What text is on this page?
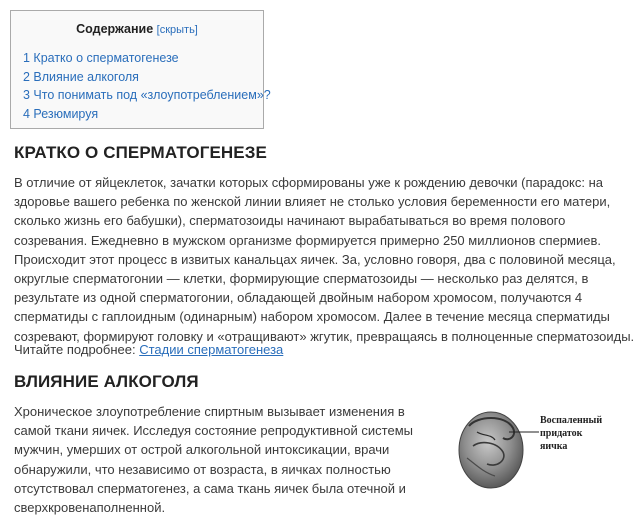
Содержание [скрыть]
1 Кратко о сперматогенезе
2 Влияние алкоголя
3 Что понимать под «злоупотреблением»?
4 Резюмируя
КРАТКО О СПЕРМАТОГЕНЕЗЕ

В отличие от яйцеклеток, зачатки которых сформированы уже к рождению девочки (парадокс: на здоровье вашего ребенка по женской линии влияет не столько условия беременности его матери, сколько жизнь его бабушки), сперматозоиды начинают вырабатываться во время полового созревания. Ежедневно в мужском организме формируется примерно 250 миллионов спермиев. Происходит этот процесс в извитых канальцах яичек. За, условно говоря, два с половиной месяца, округлые сперматогонии — клетки, формирующие сперматозоиды — несколько раз делятся, в результате из одной сперматогонии, обладающей двойным набором хромосом, получаются 4 сперматиды с гаплоидным (одинарным) набором хромосом. Далее в течение месяца сперматиды созревают, формируют головку и «отращивают» жгутик, превращаясь в полноценные сперматозоиды.

Читайте подробнее: Стадии сперматогенеза

ВЛИЯНИЕ АЛКОГОЛЯ

Хроническое злоупотребление спиртным вызывает изменения в самой ткани яичек. Исследуя состояние репродуктивной системы мужчин, умерших от острой алкогольной интоксикации, врачи обнаружили, что независимо от возраста, в яичках полностью отсутствовал сперматогенез, а сама ткань яичек была отечной и сверхкровенаполненной.

Воспаленный
придаток
яичка
